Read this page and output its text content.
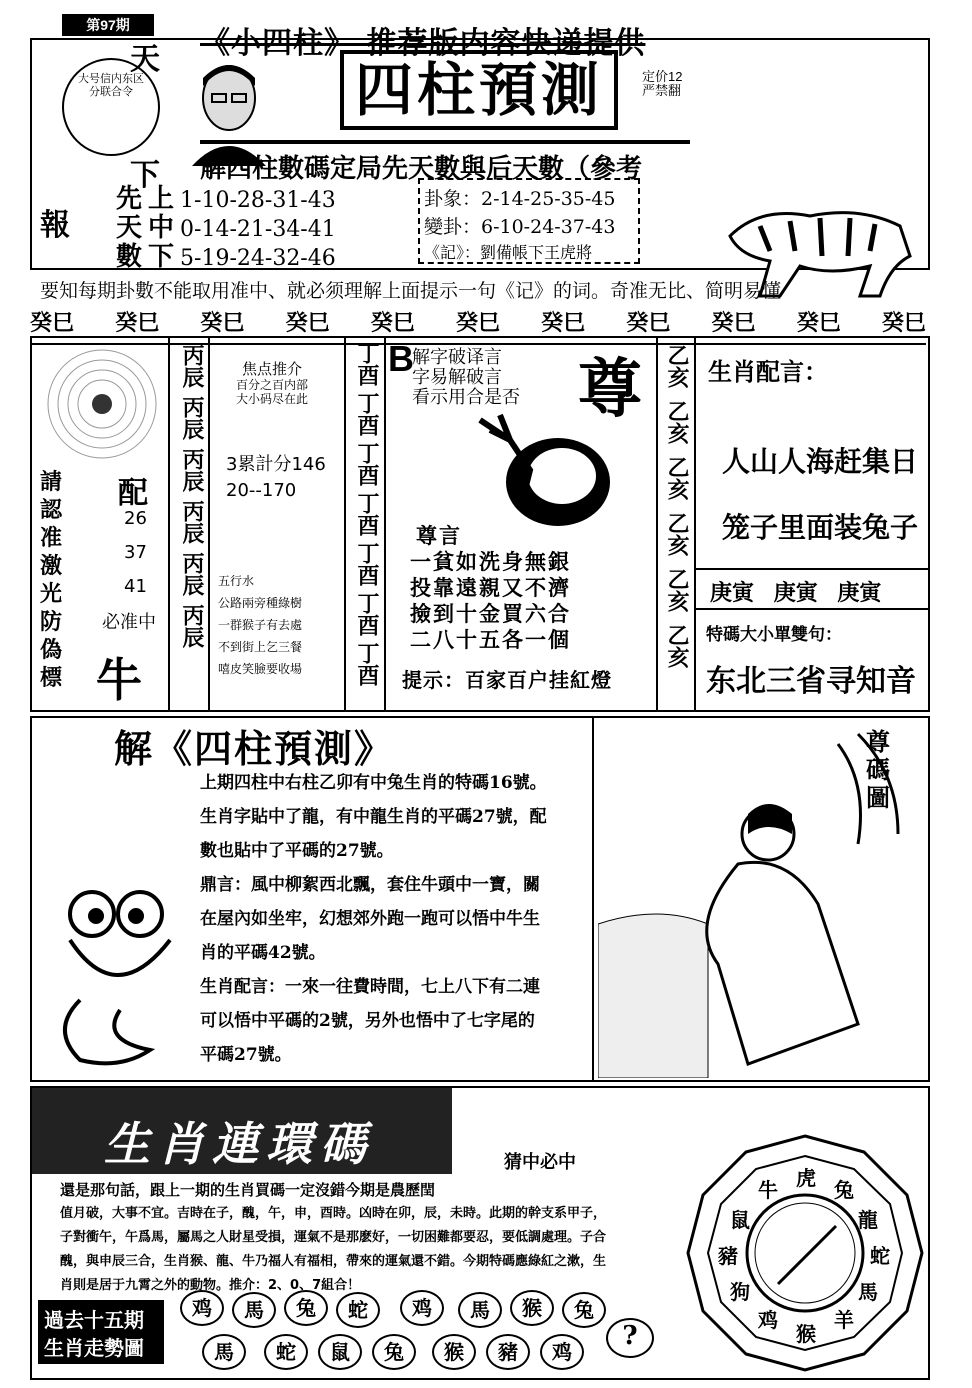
第97期
《小四柱》 推荐版内容快递提供
大号信内东区分联合令
天
下
報
四柱預測	定价12
严禁翻
解四柱數碼定局先天數與后天數（參考
先 上 1-10-28-31-43
天 中 0-14-21-34-41
數 下 5-19-24-32-46
卦象：2-14-25-35-45
變卦：6-10-24-37-43
《記》：劉備帳下王虎將
要知每期卦數不能取用准中、就必须理解上面提示一句《记》的词。奇准无比、简明易懂
癸巳 癸巳 癸巳 癸巳 癸巳 癸巳 癸巳 癸巳 癸巳 癸巳 癸巳
請
認
准
激
光
防
偽
標
配
26
37
41
必准中
牛
丙辰
丙辰
丙辰
丙辰
丙辰
丙辰
焦点推介
百分之百内部
大小码尽在此
3累計分146
20--170
五行水
公路兩旁種綠樹
一群猴子有去處
不到街上乞三餐
嘻皮笑臉要收場
丁酉
丁酉
丁酉
丁酉
丁酉
丁酉
丁酉
B
解字破译言
字易解破言
看示用合是否 尊
尊言
一貧如洗身無銀
投靠遠親又不濟
撿到十金買六合
二八十五各一個
提示：百家百户挂紅燈
乙亥
乙亥
乙亥
乙亥
乙亥
乙亥
生肖配言：
人山人海赶集日
笼子里面装兔子
庚寅 庚寅 庚寅
特碼大小單雙句：
东北三省寻知音
解《四柱預測》
上期四柱中右柱乙卯有中兔生肖的特碼16號。
生肖字貼中了龍，有中龍生肖的平碼27號，配
數也貼中了平碼的27號。
鼎言：風中柳絮西北飄，套住牛頭中一寶，關
在屋內如坐牢，幻想郊外跑一跑可以悟中牛生
肖的平碼42號。
生肖配言：一來一往費時間，七上八下有二連
可以悟中平碼的2號，另外也悟中了七字尾的
平碼27號。
尊碼圖
生肖連環碼	猜中必中
還是那句話，跟上一期的生肖買碼一定沒錯今期是農歷閏
值月破，大事不宜。吉時在子，醜，午，申，酉時。凶時在卯，辰，未時。此期的幹支系甲子，
子對衝午，午爲馬，屬馬之人財星受損，運氣不是那麽好，一切困難都要忍，要低調處理。子合
醜，與申辰三合，生肖猴、龍、牛乃福人有福相，帶來的運氣還不錯。今期特碼應綠紅之漱，生
肖則是居于九霄之外的動物。推介：2、0、7組合！
過去十五期
生肖走勢圖
鸡	馬	兔	蛇	鸡	馬	猴	兔
馬	蛇	鼠	兔	猴	豬	鸡
?
牛 虎 兔
龍
蛇
馬
羊
猴
鸡
狗
豬
鼠
